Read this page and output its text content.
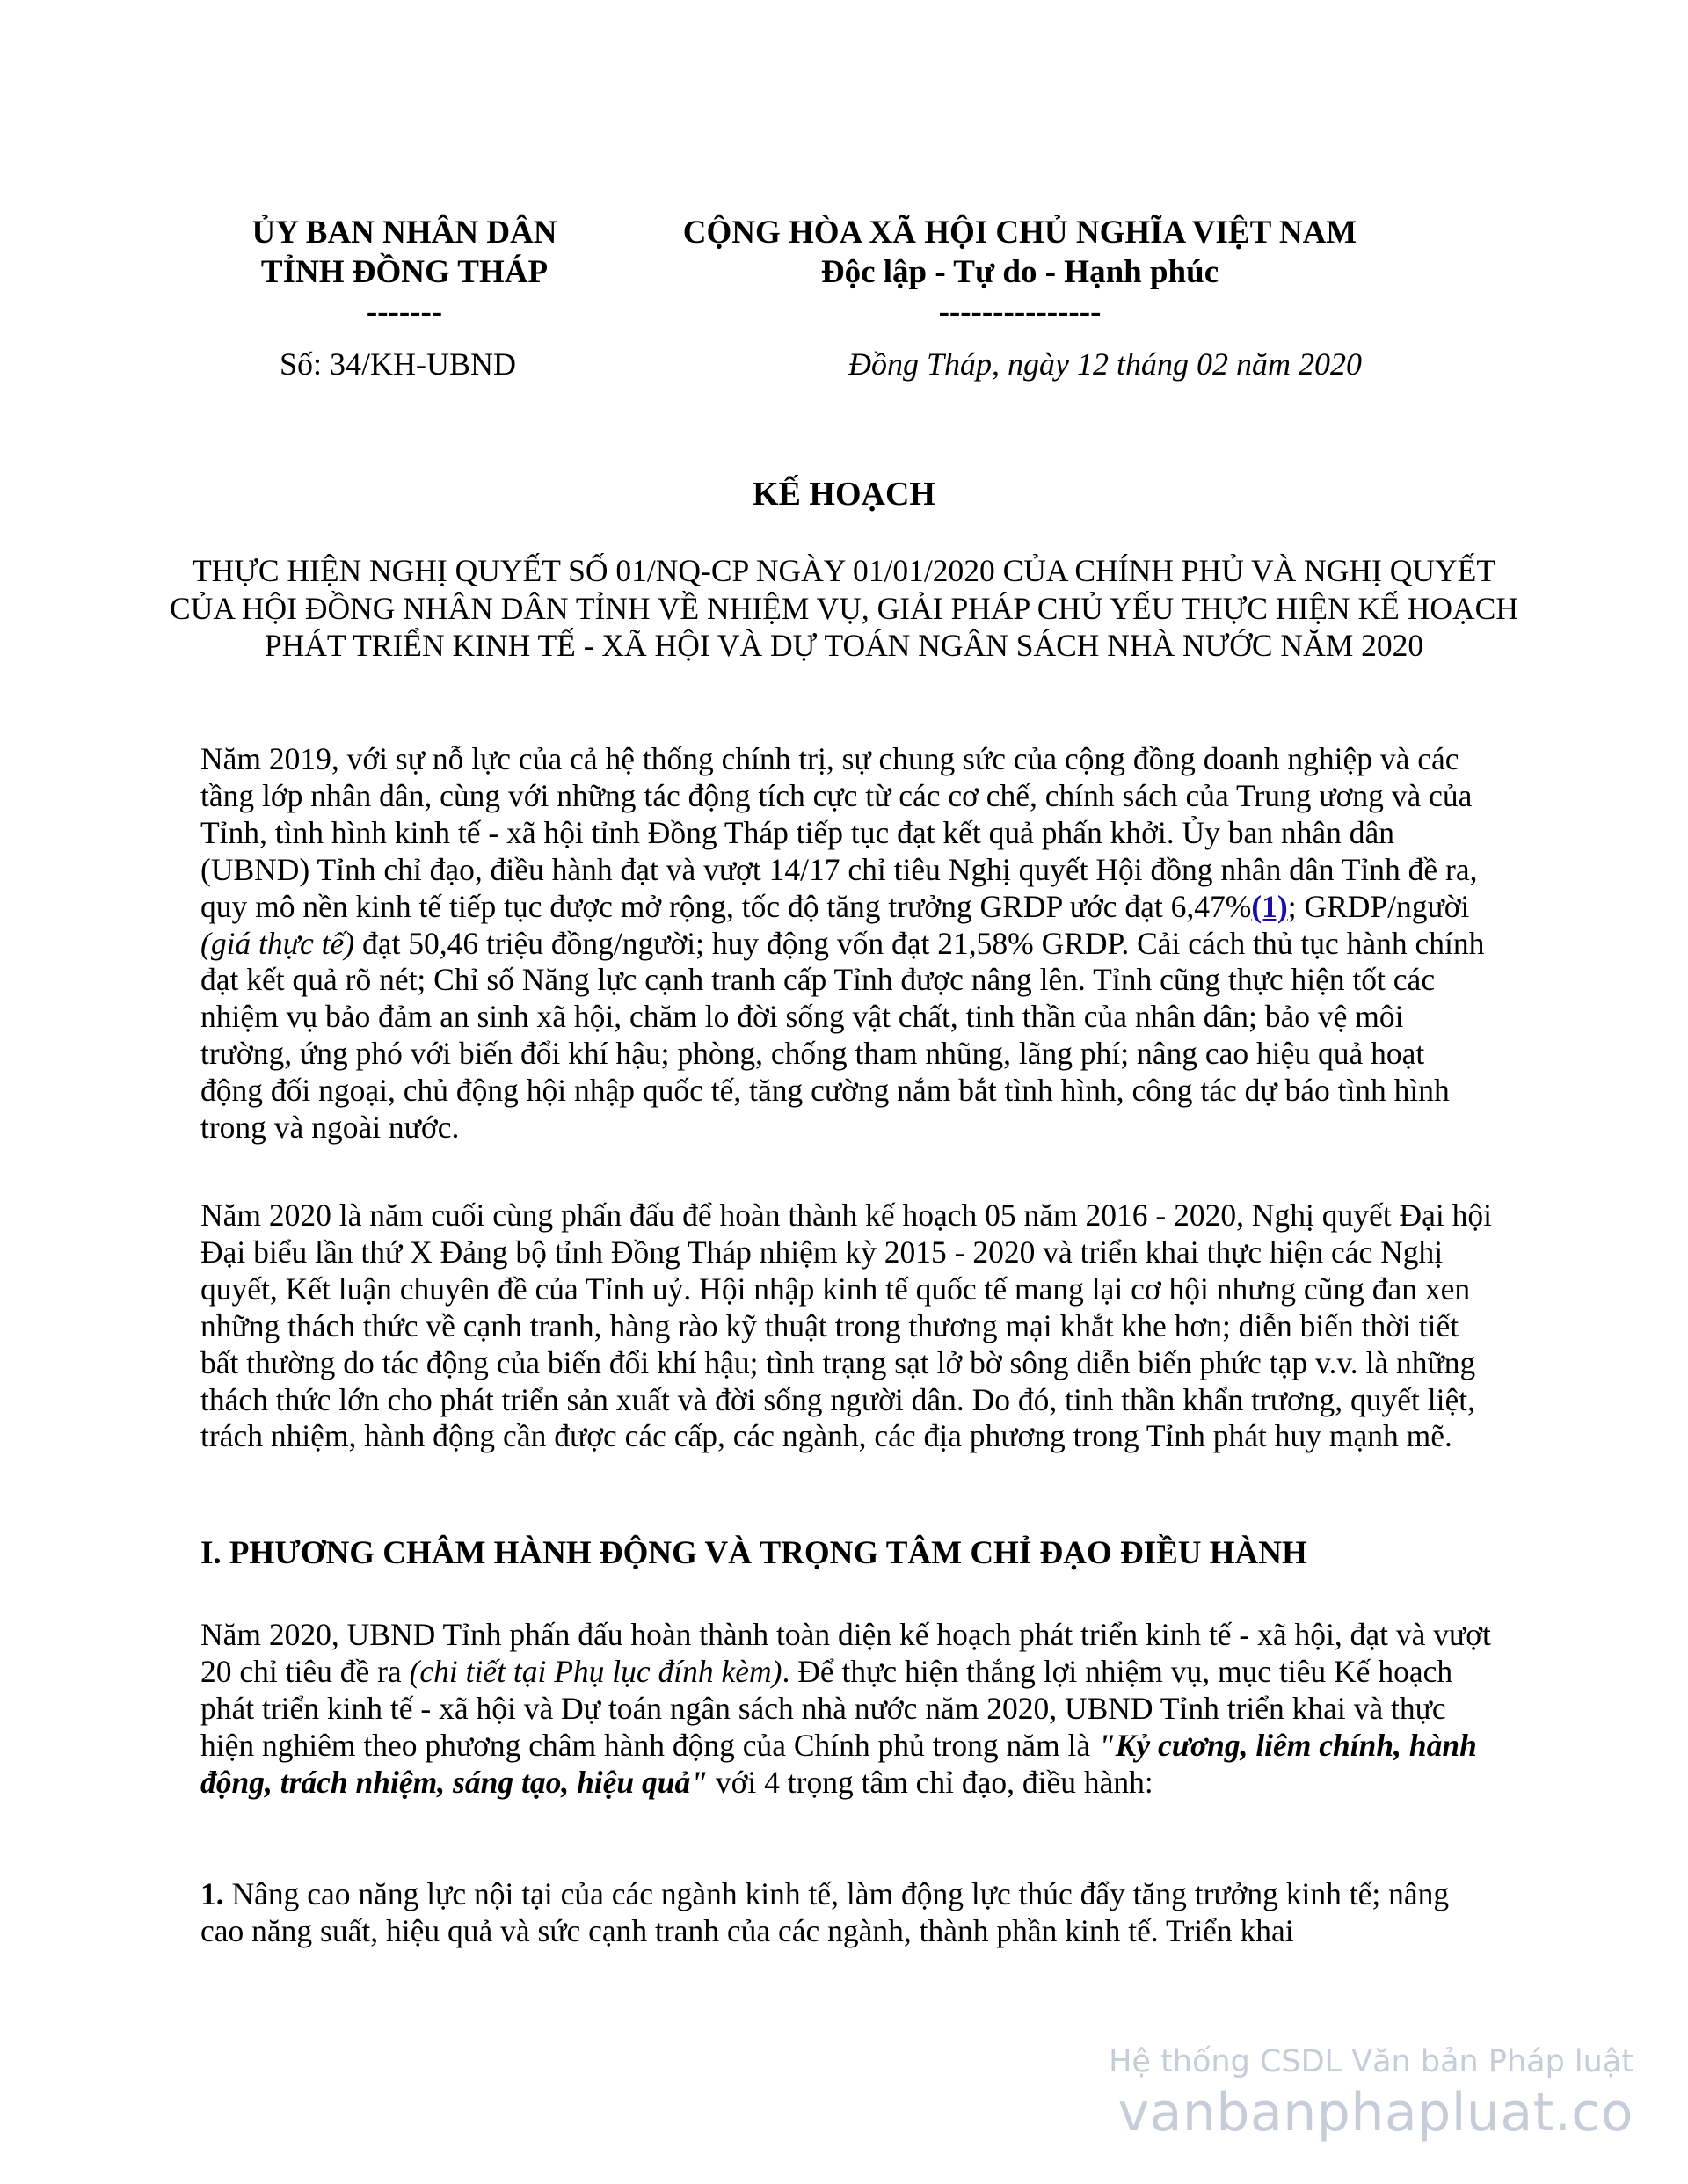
ỦY BAN NHÂN DÂN
TỈNH ĐỒNG THÁP
-------
CỘNG HÒA XÃ HỘI CHỦ NGHĨA VIỆT NAM
Độc lập - Tự do - Hạnh phúc
---------------
Số: 34/KH-UBND	Đồng Tháp, ngày 12 tháng 02 năm 2020
KẾ HOẠCH
THỰC HIỆN NGHỊ QUYẾT SỐ 01/NQ-CP NGÀY 01/01/2020 CỦA CHÍNH PHỦ VÀ NGHỊ QUYẾT CỦA HỘI ĐỒNG NHÂN DÂN TỈNH VỀ NHIỆM VỤ, GIẢI PHÁP CHỦ YẾU THỰC HIỆN KẾ HOẠCH PHÁT TRIỂN KINH TẾ - XÃ HỘI VÀ DỰ TOÁN NGÂN SÁCH NHÀ NƯỚC NĂM 2020
Năm 2019, với sự nỗ lực của cả hệ thống chính trị, sự chung sức của cộng đồng doanh nghiệp và các tầng lớp nhân dân, cùng với những tác động tích cực từ các cơ chế, chính sách của Trung ương và của Tỉnh, tình hình kinh tế - xã hội tỉnh Đồng Tháp tiếp tục đạt kết quả phấn khởi. Ủy ban nhân dân (UBND) Tỉnh chỉ đạo, điều hành đạt và vượt 14/17 chỉ tiêu Nghị quyết Hội đồng nhân dân Tỉnh đề ra, quy mô nền kinh tế tiếp tục được mở rộng, tốc độ tăng trưởng GRDP ước đạt 6,47%(1); GRDP/người (giá thực tế) đạt 50,46 triệu đồng/người; huy động vốn đạt 21,58% GRDP. Cải cách thủ tục hành chính đạt kết quả rõ nét; Chỉ số Năng lực cạnh tranh cấp Tỉnh được nâng lên. Tỉnh cũng thực hiện tốt các nhiệm vụ bảo đảm an sinh xã hội, chăm lo đời sống vật chất, tinh thần của nhân dân; bảo vệ môi trường, ứng phó với biến đổi khí hậu; phòng, chống tham nhũng, lãng phí; nâng cao hiệu quả hoạt động đối ngoại, chủ động hội nhập quốc tế, tăng cường nắm bắt tình hình, công tác dự báo tình hình trong và ngoài nước.
Năm 2020 là năm cuối cùng phấn đấu để hoàn thành kế hoạch 05 năm 2016 - 2020, Nghị quyết Đại hội Đại biểu lần thứ X Đảng bộ tỉnh Đồng Tháp nhiệm kỳ 2015 - 2020 và triển khai thực hiện các Nghị quyết, Kết luận chuyên đề của Tỉnh uỷ. Hội nhập kinh tế quốc tế mang lại cơ hội nhưng cũng đan xen những thách thức về cạnh tranh, hàng rào kỹ thuật trong thương mại khắt khe hơn; diễn biến thời tiết bất thường do tác động của biến đổi khí hậu; tình trạng sạt lở bờ sông diễn biến phức tạp v.v. là những thách thức lớn cho phát triển sản xuất và đời sống người dân. Do đó, tinh thần khẩn trương, quyết liệt, trách nhiệm, hành động cần được các cấp, các ngành, các địa phương trong Tỉnh phát huy mạnh mẽ.
I. PHƯƠNG CHÂM HÀNH ĐỘNG VÀ TRỌNG TÂM CHỈ ĐẠO ĐIỀU HÀNH
Năm 2020, UBND Tỉnh phấn đấu hoàn thành toàn diện kế hoạch phát triển kinh tế - xã hội, đạt và vượt 20 chỉ tiêu đề ra (chi tiết tại Phụ lục đính kèm). Để thực hiện thắng lợi nhiệm vụ, mục tiêu Kế hoạch phát triển kinh tế - xã hội và Dự toán ngân sách nhà nước năm 2020, UBND Tỉnh triển khai và thực hiện nghiêm theo phương châm hành động của Chính phủ trong năm là "Kỷ cương, liêm chính, hành động, trách nhiệm, sáng tạo, hiệu quả" với 4 trọng tâm chỉ đạo, điều hành:
1. Nâng cao năng lực nội tại của các ngành kinh tế, làm động lực thúc đẩy tăng trưởng kinh tế; nâng cao năng suất, hiệu quả và sức cạnh tranh của các ngành, thành phần kinh tế. Triển khai
Hệ thống CSDL Văn bản Pháp luật
vanbanphapluat.co
